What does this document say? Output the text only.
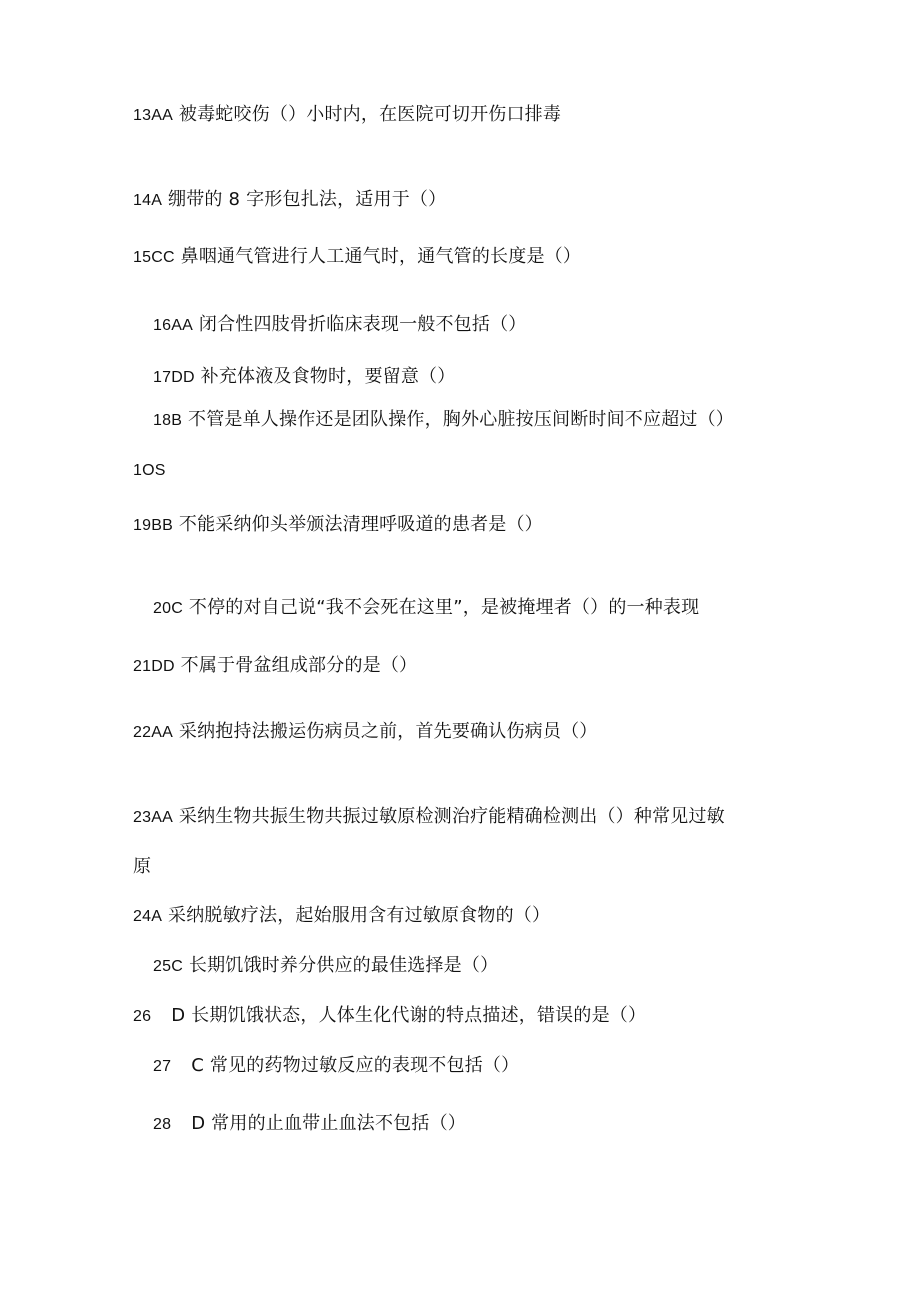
13AA 被毒蛇咬伤（）小时内，在医院可切开伤口排毒
14A 绷带的 8 字形包扎法，适用于（）
15CC 鼻咽通气管进行人工通气时，通气管的长度是（）
16AA 闭合性四肢骨折临床表现一般不包括（）
17DD 补充体液及食物时，要留意（）
18B 不管是单人操作还是团队操作，胸外心脏按压间断时间不应超过（）
1OS
19BB 不能采纳仰头举颁法清理呼吸道的患者是（）
20C 不停的对自己说“我不会死在这里”，是被掩埋者（）的一种表现
21DD 不属于骨盆组成部分的是（）
22AA 采纳抱持法搬运伤病员之前，首先要确认伤病员（）
23AA 采纳生物共振生物共振过敏原检测治疗能精确检测出（）种常见过敏
原
24A 采纳脱敏疗法，起始服用含有过敏原食物的（）
25C 长期饥饿时养分供应的最佳选择是（）
26 D 长期饥饿状态，人体生化代谢的特点描述，错误的是（）
27 C 常见的药物过敏反应的表现不包括（）
28 D 常用的止血带止血法不包括（）
